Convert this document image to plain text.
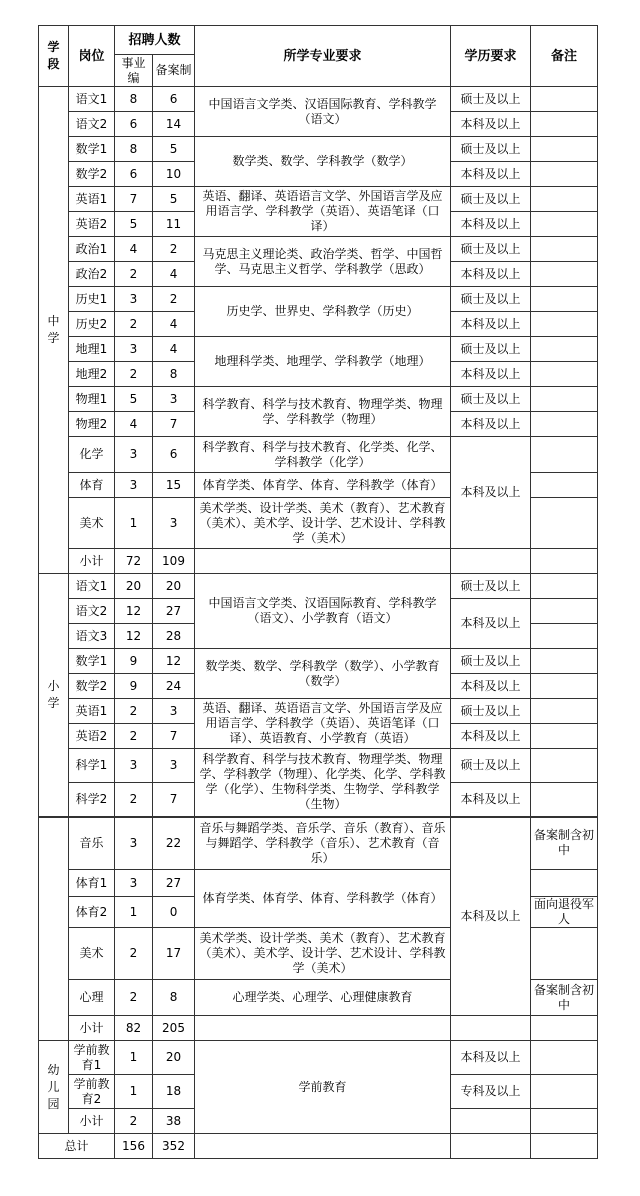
学段	岗位	招聘人数		所学专业要求	学历要求	备注
		事业编	备案制			

中学	语文1	8	6	中国语言文学类、汉语国际教育、学科教学（语文）	硕士及以上	
	语文2	6	14		本科及以上	
	数学1	8	5	数学类、数学、学科教学（数学）	硕士及以上	
	数学2	6	10		本科及以上	
	英语1	7	5	英语、翻译、英语语言文学、外国语言学及应用语言学、学科教学（英语）、英语笔译（口译）	硕士及以上	
	英语2	5	11		本科及以上	
	政治1	4	2	马克思主义理论类、政治学类、哲学、中国哲学、马克思主义哲学、学科教学（思政）	硕士及以上	
	政治2	2	4		本科及以上	
	历史1	3	2	历史学、世界史、学科教学（历史）	硕士及以上	
	历史2	2	4		本科及以上	
	地理1	3	4	地理科学类、地理学、学科教学（地理）	硕士及以上	
	地理2	2	8		本科及以上	
	物理1	5	3	科学教育、科学与技术教育、物理学类、物理学、学科教学（物理）	硕士及以上	
	物理2	4	7		本科及以上	
	化学	3	6	科学教育、科学与技术教育、化学类、化学、学科教学（化学）	本科及以上	
	体育	3	15	体育学类、体育学、体育、学科教学（体育）		
	美术	1	3	美术学类、设计学类、美术（教育）、艺术教育（美术）、美术学、设计学、艺术设计、学科教学（美术）		
	小计	72	109			

小学	语文1	20	20	中国语言文学类、汉语国际教育、学科教学（语文）、小学教育（语文）	硕士及以上	
	语文2	12	27		本科及以上	
	语文3	12	28			
	数学1	9	12	数学类、数学、学科教学（数学）、小学教育（数学）	硕士及以上	
	数学2	9	24		本科及以上	
	英语1	2	3	英语、翻译、英语语言文学、外国语言学及应用语言学、学科教学（英语）、英语笔译（口译）、英语教育、小学教育（英语）	硕士及以上	
	英语2	2	7		本科及以上	
	科学1	3	3	科学教育、科学与技术教育、物理学类、物理学、学科教学（物理）、化学类、化学、学科教学（化学）、生物科学类、生物学、学科教学（生物）	硕士及以上	
	科学2	2	7		本科及以上	
	音乐	3	22	音乐与舞蹈学类、音乐学、音乐（教育）、音乐与舞蹈学、学科教学（音乐）、艺术教育（音乐）	本科及以上	备案制含初中
	体育1	3	27	体育学类、体育学、体育、学科教学（体育）		
	体育2	1	0			面向退役军人
	美术	2	17	美术学类、设计学类、美术（教育）、艺术教育（美术）、美术学、设计学、艺术设计、学科教学（美术）		
	心理	2	8	心理学类、心理学、心理健康教育		备案制含初中
	小计	82	205			

幼儿园	学前教育1	1	20	学前教育	本科及以上	
	学前教育2	1	18		专科及以上	
	小计	2	38			
总计		156	352			
